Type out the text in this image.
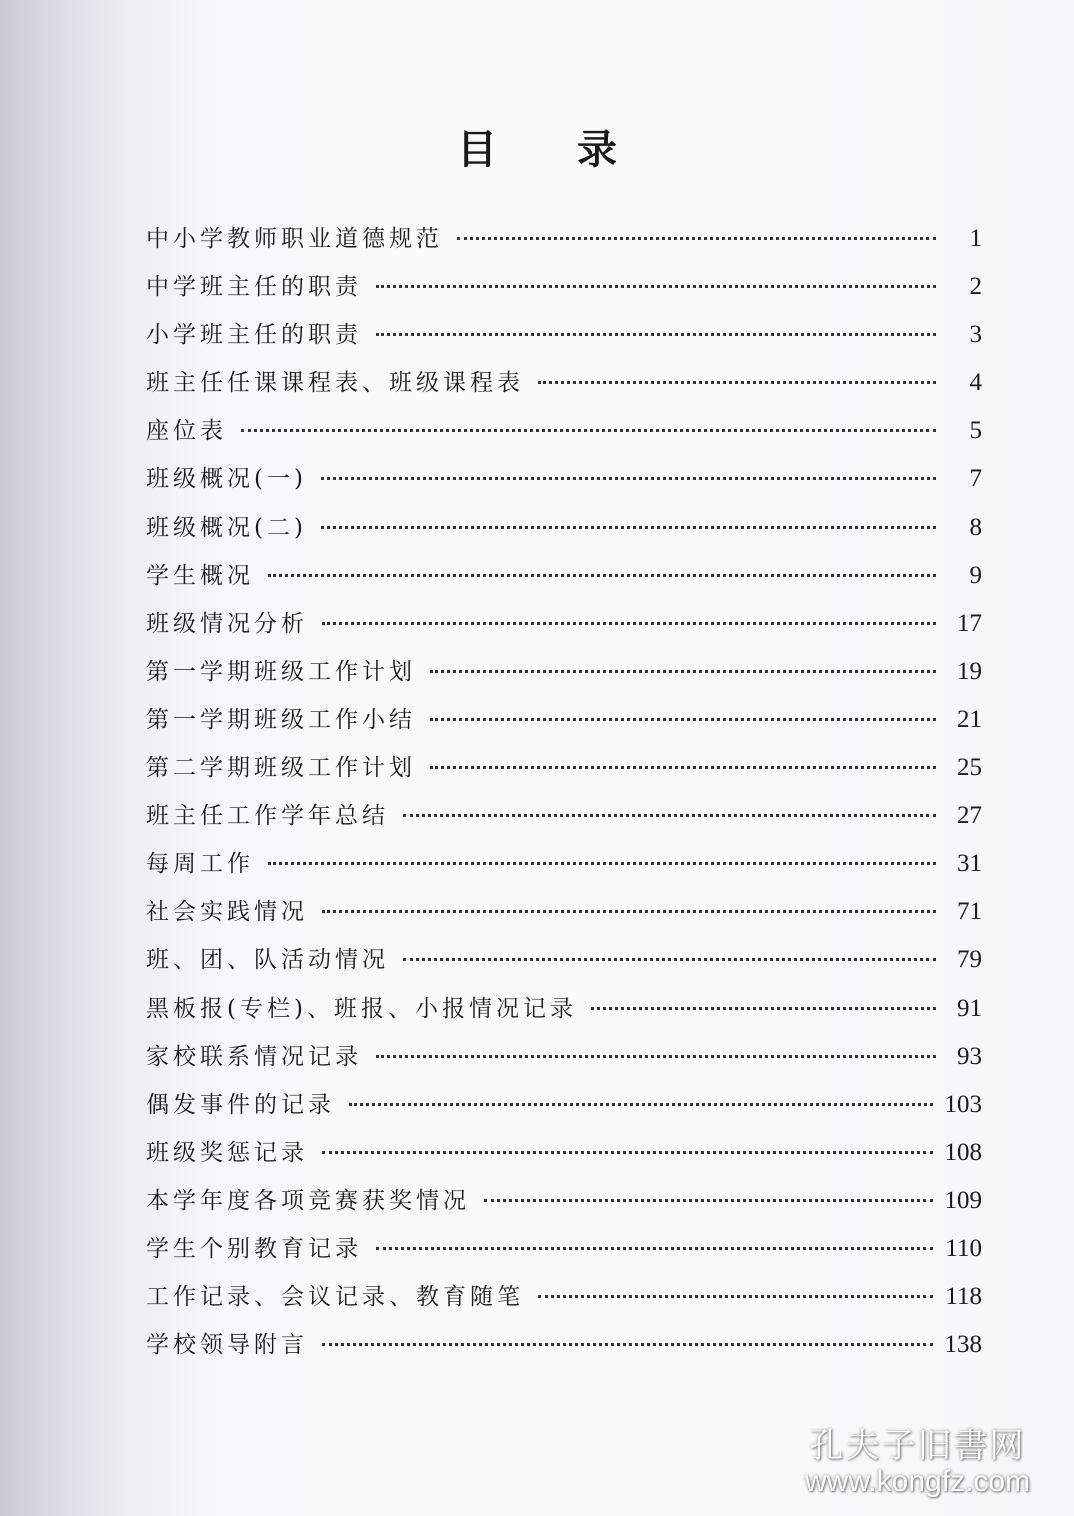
目录
中小学教师职业道德规范	1
中学班主任的职责	2
小学班主任的职责	3
班主任任课课程表、班级课程表	4
座位表	5
班级概况(一)	7
班级概况(二)	8
学生概况	9
班级情况分析	17
第一学期班级工作计划	19
第一学期班级工作小结	21
第二学期班级工作计划	25
班主任工作学年总结	27
每周工作	31
社会实践情况	71
班、团、队活动情况	79
黑板报(专栏)、班报、小报情况记录	91
家校联系情况记录	93
偶发事件的记录	103
班级奖惩记录	108
本学年度各项竞赛获奖情况	109
学生个别教育记录	110
工作记录、会议记录、教育随笔	118
学校领导附言	138
孔夫子旧書网
www.kongfz.com
